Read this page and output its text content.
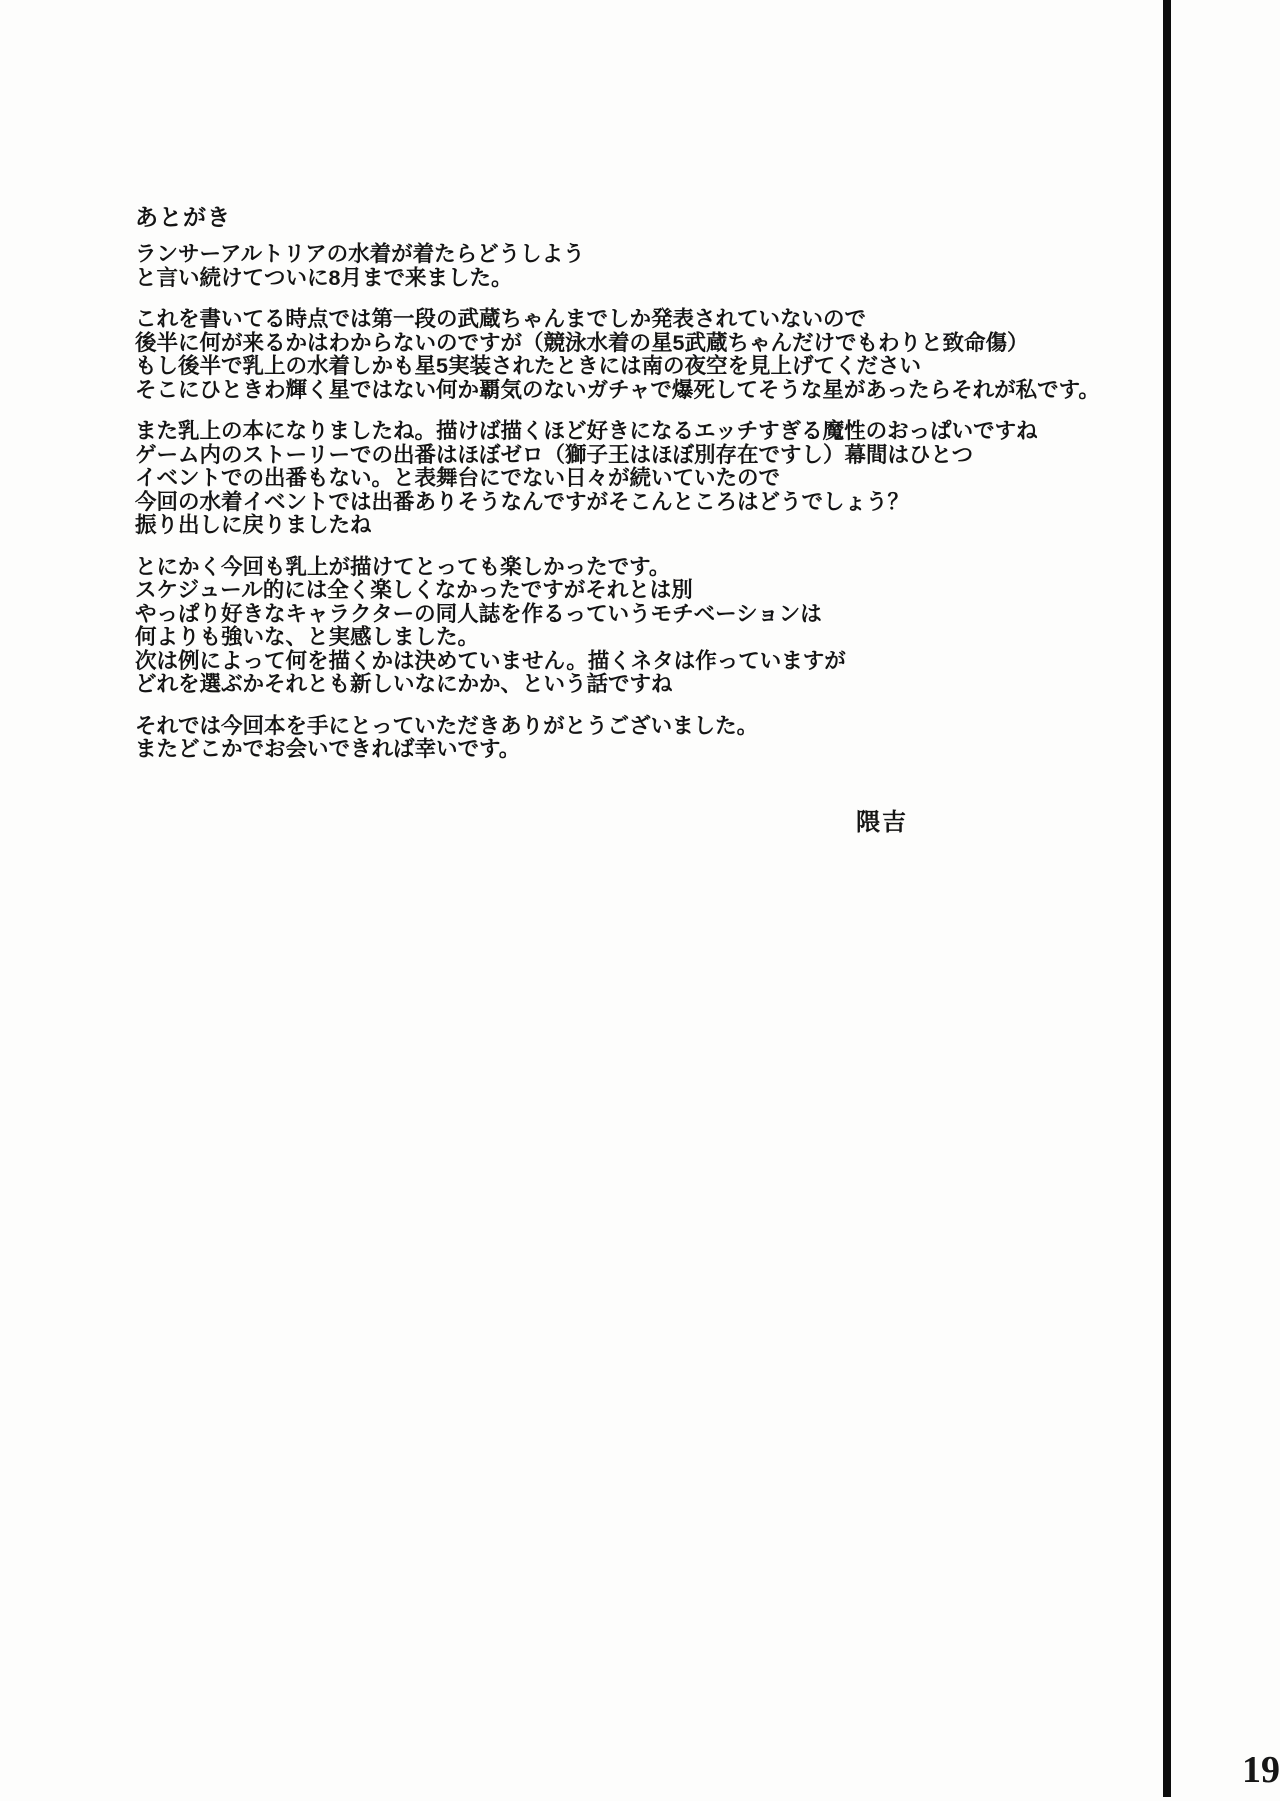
あとがき
ランサーアルトリアの水着が着たらどうしよう
と言い続けてついに8月まで来ました。
これを書いてる時点では第一段の武蔵ちゃんまでしか発表されていないので
後半に何が来るかはわからないのですが（競泳水着の星5武蔵ちゃんだけでもわりと致命傷）
もし後半で乳上の水着しかも星5実装されたときには南の夜空を見上げてください
そこにひときわ輝く星ではない何か覇気のないガチャで爆死してそうな星があったらそれが私です。
また乳上の本になりましたね。描けば描くほど好きになるエッチすぎる魔性のおっぱいですね
ゲーム内のストーリーでの出番はほぼゼロ（獅子王はほぼ別存在ですし）幕間はひとつ
イベントでの出番もない。と表舞台にでない日々が続いていたので
今回の水着イベントでは出番ありそうなんですがそこんところはどうでしょう？
振り出しに戻りましたね
とにかく今回も乳上が描けてとっても楽しかったです。
スケジュール的には全く楽しくなかったですがそれとは別
やっぱり好きなキャラクターの同人誌を作るっていうモチベーションは
何よりも強いな、と実感しました。
次は例によって何を描くかは決めていません。描くネタは作っていますが
どれを選ぶかそれとも新しいなにかか、という話ですね
それでは今回本を手にとっていただきありがとうございました。
またどこかでお会いできれば幸いです。
隈吉
19
